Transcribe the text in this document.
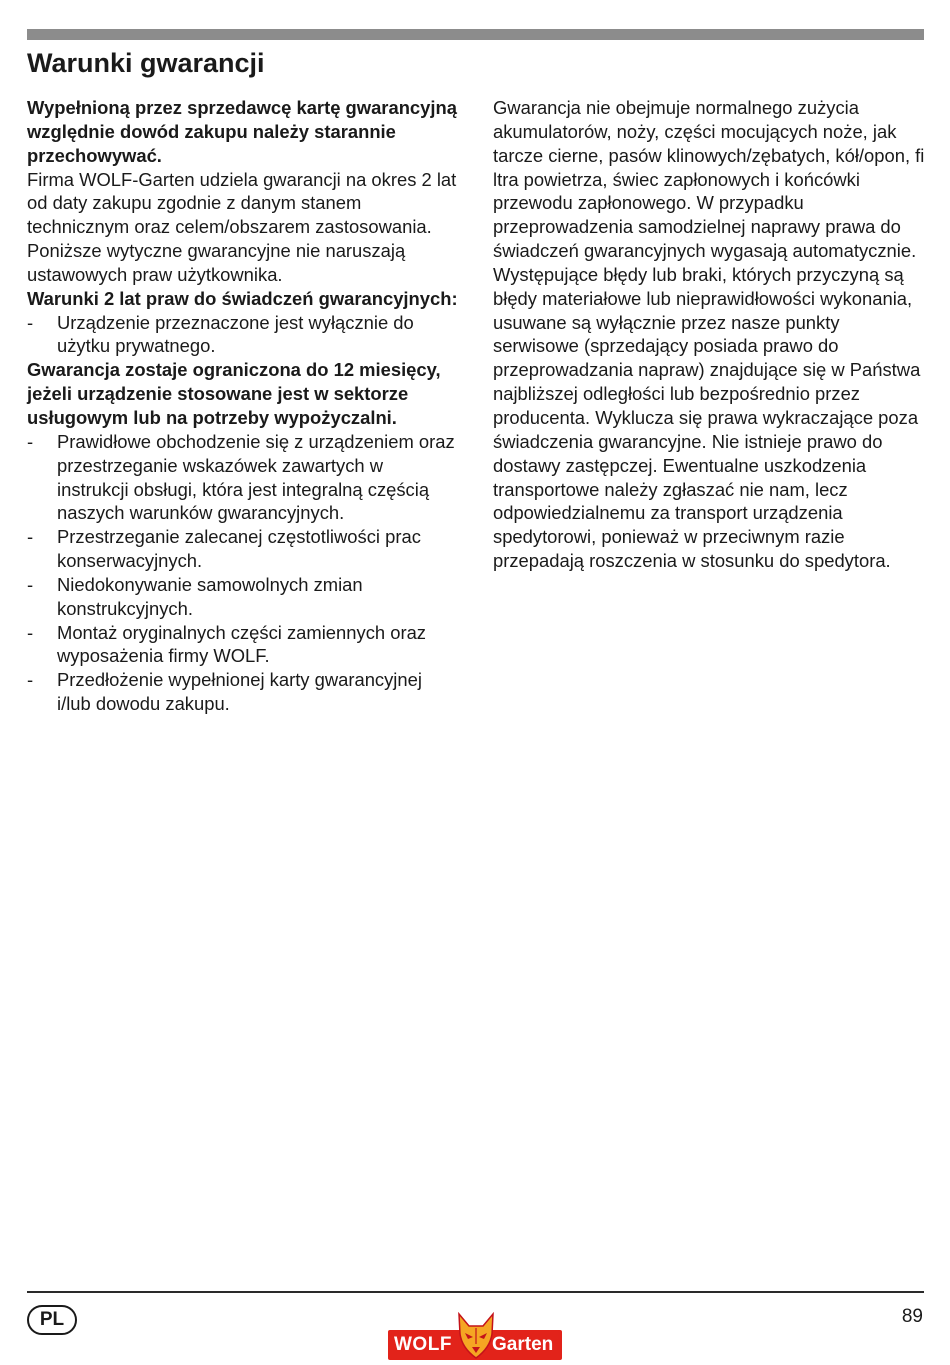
Warunki gwarancji

Wypełnioną przez sprzedawcę kartę gwarancyjną względnie dowód zakupu należy starannie przechowywać.

Firma WOLF-Garten udziela gwarancji na okres 2 lat od daty zakupu zgodnie z danym stanem technicznym oraz celem/obszarem zastosowania. Poniższe wytyczne gwarancyjne nie naruszają ustawowych praw użytkownika.

Warunki 2 lat praw do świadczeń gwarancyjnych:

- Urządzenie przeznaczone jest wyłącznie do użytku prywatnego.

Gwarancja zostaje ograniczona do 12 miesięcy, jeżeli urządzenie stosowane jest w sektorze usługowym lub na potrzeby wypożyczalni.

- Prawidłowe obchodzenie się z urządzeniem oraz przestrzeganie wskazówek zawartych w instrukcji obsługi, która jest integralną częścią naszych warunków gwarancyjnych.
- Przestrzeganie zalecanej częstotliwości prac konserwacyjnych.
- Niedokonywanie samowolnych zmian konstrukcyjnych.
- Montaż oryginalnych części zamiennych oraz wyposażenia firmy WOLF.
- Przedłożenie wypełnionej karty gwarancyjnej i/lub dowodu zakupu.

Gwarancja nie obejmuje normalnego zużycia akumulatorów, noży, części mocujących noże, jak tarcze cierne, pasów klinowych/zębatych, kół/opon, fi ltra powietrza, świec zapłonowych i końcówki przewodu zapłonowego. W przypadku przeprowadzenia samodzielnej naprawy prawa do świadczeń gwarancyjnych wygasają automatycznie. Występujące błędy lub braki, których przyczyną są błędy materiałowe lub nieprawidłowości wykonania, usuwane są wyłącznie przez nasze punkty serwisowe (sprzedający posiada prawo do przeprowadzania napraw) znajdujące się w Państwa najbliższej odległości lub bezpośrednio przez producenta. Wyklucza się prawa wykraczające poza świadczenia gwarancyjne. Nie istnieje prawo do dostawy zastępczej. Ewentualne uszkodzenia transportowe należy zgłaszać nie nam, lecz odpowiedzialnemu za transport urządzenia spedytorowi, ponieważ w przeciwnym razie przepadają roszczenia w stosunku do spedytora.

PL	89
WOLF Garten
